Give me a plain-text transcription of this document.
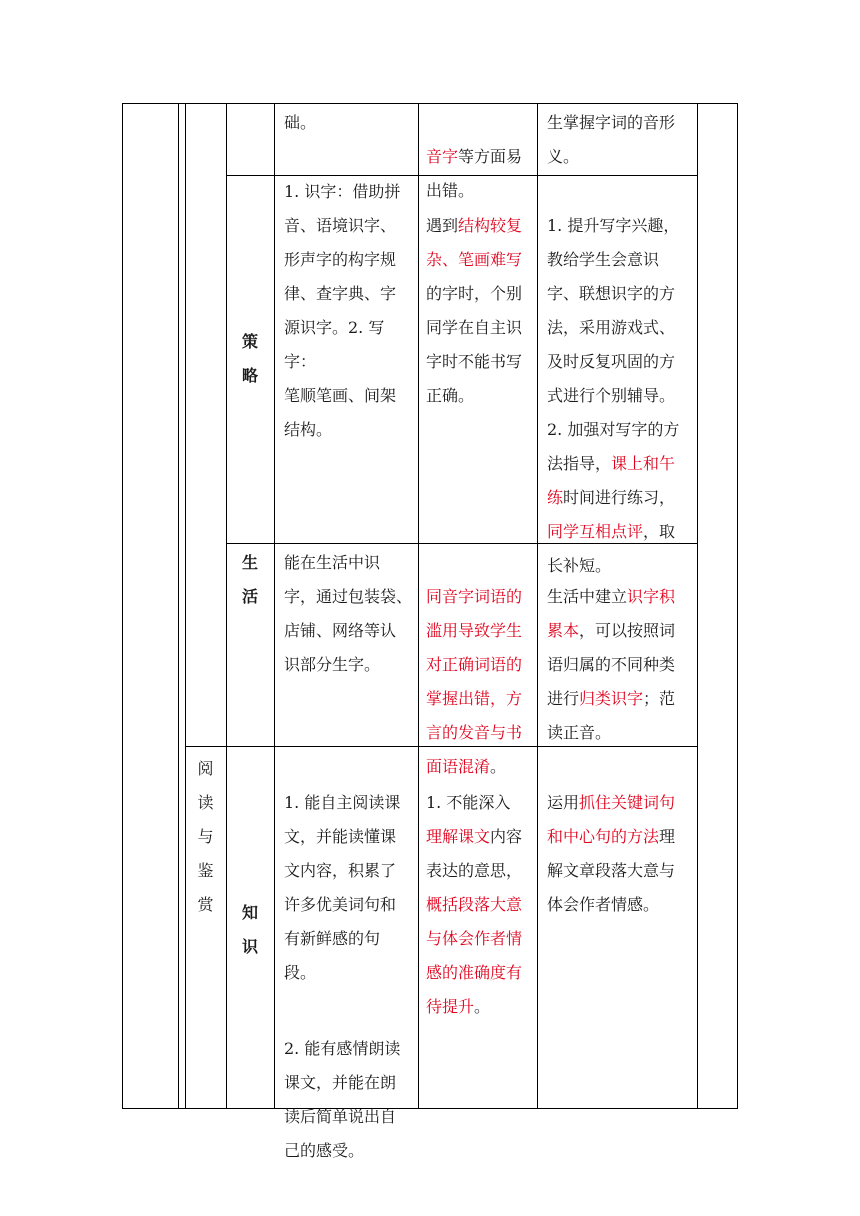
础。

音字等方面易
出错。

生掌握字词的音形
义。
策
略
1. 识字：借助拼
音、语境识字、
形声字的构字规
律、查字典、字
源识字。2. 写字：
笔顺笔画、间架
结构。

遇到结构较复
杂、笔画难写
的字时，个别
同学在自主识
字时不能书写
正确。

1. 提升写字兴趣，
教给学生会意识
字、联想识字的方
法，采用游戏式、
及时反复巩固的方
式进行个别辅导。
2. 加强对写字的方
法指导，课上和午
练时间进行练习，
同学互相点评，取
长补短。

生
活
能在生活中识
字，通过包装袋、
店铺、网络等认
识部分生字。

同音字词语的
滥用导致学生
对正确词语的
掌握出错，方
言的发音与书
面语混淆。

生活中建立识字积
累本，可以按照词
语归属的不同种类
进行归类识字；范
读正音。

阅
读
与
鉴
赏	知
识

1. 能自主阅读课
文，并能读懂课
文内容，积累了
许多优美词句和
有新鲜感的句
段。

2. 能有感情朗读
课文，并能在朗
读后简单说出自
己的感受。

1. 不能深入
理解课文内容
表达的意思，
概括段落大意
与体会作者情
感的准确度有
待提升。

运用抓住关键词句
和中心句的方法理
解文章段落大意与
体会作者情感。
